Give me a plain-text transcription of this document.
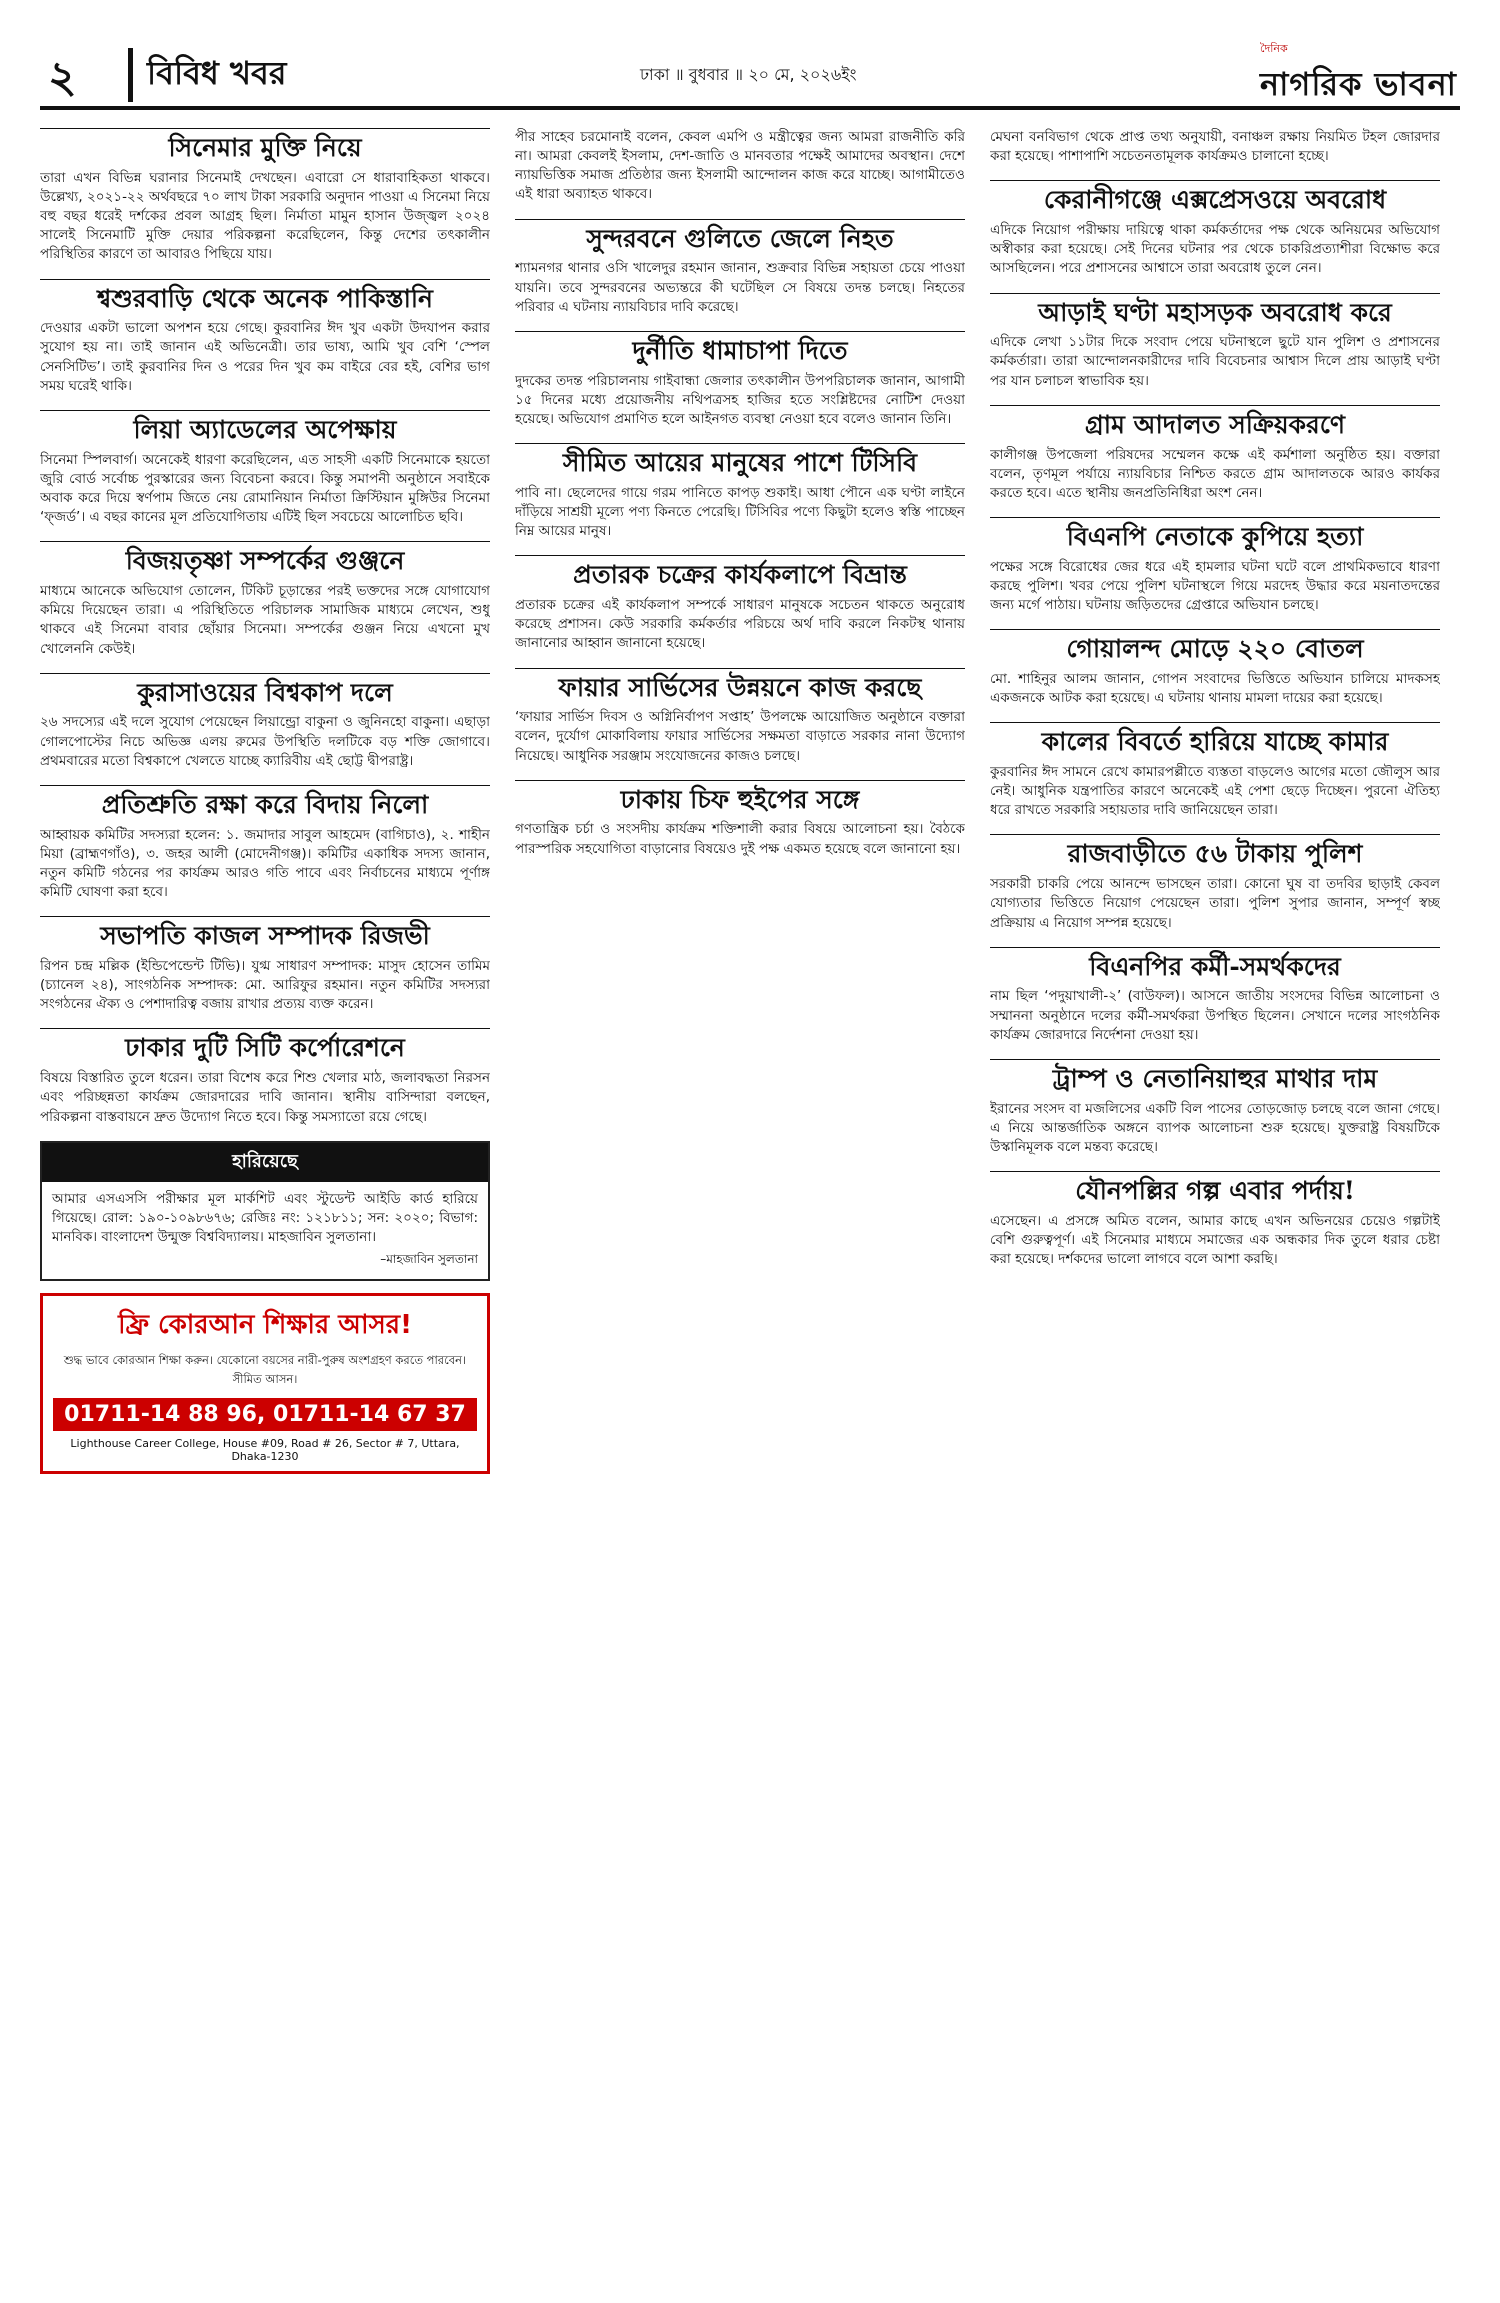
২	বিবিধ খবর	ঢাকা ॥ বুধবার ॥ ২০ মে, ২০২৬ইং
দৈনিক
নাগরিক ভাবনা
সিনেমার মুক্তি নিয়ে

তারা এখন বিভিন্ন ঘরানার সিনেমাই দেখছেন। এবারো সে ধারাবাহিকতা থাকবে। উল্লেখ্য, ২০২১-২২ অর্থবছরে ৭০ লাখ টাকা সরকারি অনুদান পাওয়া এ সিনেমা নিয়ে বহু বছর ধরেই দর্শকের প্রবল আগ্রহ ছিল। নির্মাতা মামুন হাসান উজ্জ্বল ২০২৪ সালেই সিনেমাটি মুক্তি দেয়ার পরিকল্পনা করেছিলেন, কিন্তু দেশের তৎকালীন পরিস্থিতির কারণে তা আবারও পিছিয়ে যায়।

শ্বশুরবাড়ি থেকে অনেক পাকিস্তানি

দেওয়ার একটা ভালো অপশন হয়ে গেছে। কুরবানির ঈদ খুব একটা উদযাপন করার সুযোগ হয় না। তাই জানান এই অভিনেত্রী। তার ভাষ্য, আমি খুব বেশি ‘স্পেল সেনসিটিভ’। তাই কুরবানির দিন ও পরের দিন খুব কম বাইরে বের হই, বেশির ভাগ সময় ঘরেই থাকি।

লিয়া অ্যাডেলের অপেক্ষায়

সিনেমা স্পিলবার্গ। অনেকেই ধারণা করেছিলেন, এত সাহসী একটি সিনেমাকে হয়তো জুরি বোর্ড সর্বোচ্চ পুরস্কারের জন্য বিবেচনা করবে। কিন্তু সমাপনী অনুষ্ঠানে সবাইকে অবাক করে দিয়ে স্বর্ণপাম জিতে নেয় রোমানিয়ান নির্মাতা ক্রিস্টিয়ান মুঙ্গিউর সিনেমা ‘ফ্জর্ড’। এ বছর কানের মূল প্রতিযোগিতায় এটিই ছিল সবচেয়ে আলোচিত ছবি।

বিজয়তৃষ্ণা সম্পর্কের গুঞ্জনে

মাধ্যমে আনেকে অভিযোগ তোলেন, টিকিট চূড়ান্তের পরই ভক্তদের সঙ্গে যোগাযোগ কমিয়ে দিয়েছেন তারা। এ পরিস্থিতিতে পরিচালক সামাজিক মাধ্যমে লেখেন, শুধু থাকবে এই সিনেমা বাবার ছোঁয়ার সিনেমা। সম্পর্কের গুঞ্জন নিয়ে এখনো মুখ খোলেননি কেউই।

কুরাসাওয়ের বিশ্বকাপ দলে

২৬ সদস্যের এই দলে সুযোগ পেয়েছেন লিয়ান্ড্রো বাকুনা ও জুনিনহো বাকুনা। এছাড়া গোলপোস্টের নিচে অভিজ্ঞ এলয় রুমের উপস্থিতি দলটিকে বড় শক্তি জোগাবে। প্রথমবারের মতো বিশ্বকাপে খেলতে যাচ্ছে ক্যারিবীয় এই ছোট্ট দ্বীপরাষ্ট্র।

প্রতিশ্রুতি রক্ষা করে বিদায় নিলো

আহ্বায়ক কমিটির সদস্যরা হলেন: ১. জমাদার সাবুল আহমেদ (বাগিচাও), ২. শাহীন মিয়া (ব্রাহ্মণগাঁও), ৩. জহর আলী (মোদেনীগঞ্জ)। কমিটির একাধিক সদস্য জানান, নতুন কমিটি গঠনের পর কার্যক্রম আরও গতি পাবে এবং নির্বাচনের মাধ্যমে পূর্ণাঙ্গ কমিটি ঘোষণা করা হবে।

সভাপতি কাজল সম্পাদক রিজভী

রিপন চন্দ্র মল্লিক (ইন্ডিপেন্ডেন্ট টিভি)। যুগ্ম সাধারণ সম্পাদক: মাসুদ হোসেন তামিম (চ্যানেল ২৪), সাংগঠনিক সম্পাদক: মো. আরিফুর রহমান। নতুন কমিটির সদস্যরা সংগঠনের ঐক্য ও পেশাদারিত্ব বজায় রাখার প্রত্যয় ব্যক্ত করেন।

ঢাকার দুটি সিটি কর্পোরেশনে

বিষয়ে বিস্তারিত তুলে ধরেন। তারা বিশেষ করে শিশু খেলার মাঠ, জলাবদ্ধতা নিরসন এবং পরিচ্ছন্নতা কার্যক্রম জোরদারের দাবি জানান। স্থানীয় বাসিন্দারা বলছেন, পরিকল্পনা বাস্তবায়নে দ্রুত উদ্যোগ নিতে হবে। কিন্তু সমস্যাতো রয়ে গেছে।

হারিয়েছে
আমার এসএসসি পরীক্ষার মূল মার্কশিট এবং স্টুডেন্ট আইডি কার্ড হারিয়ে গিয়েছে। রোল: ১৯০-১০৯৮৬৭৬; রেজিঃ নং: ১২১৮১১; সন: ২০২০; বিভাগ: মানবিক। বাংলাদেশ উন্মুক্ত বিশ্ববিদ্যালয়। মাহজাবিন সুলতানা।
–মাহজাবিন সুলতানা
ফ্রি কোরআন শিক্ষার আসর!
শুদ্ধ ভাবে কোরআন শিক্ষা করুন। যেকোনো বয়সের নারী-পুরুষ অংশগ্রহণ করতে পারবেন। সীমিত আসন।
01711-14 88 96, 01711-14 67 37
Lighthouse Career College, House #09, Road # 26, Sector # 7, Uttara, Dhaka-1230

পীর সাহেব চরমোনাই বলেন, কেবল এমপি ও মন্ত্রীত্বের জন্য আমরা রাজনীতি করি না। আমরা কেবলই ইসলাম, দেশ-জাতি ও মানবতার পক্ষেই আমাদের অবস্থান। দেশে ন্যায়ভিত্তিক সমাজ প্রতিষ্ঠার জন্য ইসলামী আন্দোলন কাজ করে যাচ্ছে। আগামীতেও এই ধারা অব্যাহত থাকবে।

সুন্দরবনে গুলিতে জেলে নিহত

শ্যামনগর থানার ওসি খালেদুর রহমান জানান, শুক্রবার বিভিন্ন সহায়তা চেয়ে পাওয়া যায়নি। তবে সুন্দরবনের অভ্যন্তরে কী ঘটেছিল সে বিষয়ে তদন্ত চলছে। নিহতের পরিবার এ ঘটনায় ন্যায়বিচার দাবি করেছে।

দুর্নীতি ধামাচাপা দিতে

দুদকের তদন্ত পরিচালনায় গাইবান্ধা জেলার তৎকালীন উপপরিচালক জানান, আগামী ১৫ দিনের মধ্যে প্রয়োজনীয় নথিপত্রসহ হাজির হতে সংশ্লিষ্টদের নোটিশ দেওয়া হয়েছে। অভিযোগ প্রমাণিত হলে আইনগত ব্যবস্থা নেওয়া হবে বলেও জানান তিনি।

সীমিত আয়ের মানুষের পাশে টিসিবি

পাবি না। ছেলেদের গায়ে গরম পানিতে কাপড় শুকাই। আধা পৌনে এক ঘণ্টা লাইনে দাঁড়িয়ে সাশ্রয়ী মূল্যে পণ্য কিনতে পেরেছি। টিসিবির পণ্যে কিছুটা হলেও স্বস্তি পাচ্ছেন নিম্ন আয়ের মানুষ।

প্রতারক চক্রের কার্যকলাপে বিভ্রান্ত

প্রতারক চক্রের এই কার্যকলাপ সম্পর্কে সাধারণ মানুষকে সচেতন থাকতে অনুরোধ করেছে প্রশাসন। কেউ সরকারি কর্মকর্তার পরিচয়ে অর্থ দাবি করলে নিকটস্থ থানায় জানানোর আহ্বান জানানো হয়েছে।

ফায়ার সার্ভিসের উন্নয়নে কাজ করছে

‘ফায়ার সার্ভিস দিবস ও অগ্নিনির্বাপণ সপ্তাহ’ উপলক্ষে আয়োজিত অনুষ্ঠানে বক্তারা বলেন, দুর্যোগ মোকাবিলায় ফায়ার সার্ভিসের সক্ষমতা বাড়াতে সরকার নানা উদ্যোগ নিয়েছে। আধুনিক সরঞ্জাম সংযোজনের কাজও চলছে।

ঢাকায় চিফ হুইপের সঙ্গে

গণতান্ত্রিক চর্চা ও সংসদীয় কার্যক্রম শক্তিশালী করার বিষয়ে আলোচনা হয়। বৈঠকে পারস্পরিক সহযোগিতা বাড়ানোর বিষয়েও দুই পক্ষ একমত হয়েছে বলে জানানো হয়।

মেঘনা বনবিভাগ থেকে প্রাপ্ত তথ্য অনুযায়ী, বনাঞ্চল রক্ষায় নিয়মিত টহল জোরদার করা হয়েছে। পাশাপাশি সচেতনতামূলক কার্যক্রমও চালানো হচ্ছে।

কেরানীগঞ্জে এক্সপ্রেসওয়ে অবরোধ

এদিকে নিয়োগ পরীক্ষায় দায়িত্বে থাকা কর্মকর্তাদের পক্ষ থেকে অনিয়মের অভিযোগ অস্বীকার করা হয়েছে। সেই দিনের ঘটনার পর থেকে চাকরিপ্রত্যাশীরা বিক্ষোভ করে আসছিলেন। পরে প্রশাসনের আশ্বাসে তারা অবরোধ তুলে নেন।

আড়াই ঘণ্টা মহাসড়ক অবরোধ করে

এদিকে লেখা ১১টার দিকে সংবাদ পেয়ে ঘটনাস্থলে ছুটে যান পুলিশ ও প্রশাসনের কর্মকর্তারা। তারা আন্দোলনকারীদের দাবি বিবেচনার আশ্বাস দিলে প্রায় আড়াই ঘণ্টা পর যান চলাচল স্বাভাবিক হয়।

গ্রাম আদালত সক্রিয়করণে

কালীগঞ্জ উপজেলা পরিষদের সম্মেলন কক্ষে এই কর্মশালা অনুষ্ঠিত হয়। বক্তারা বলেন, তৃণমূল পর্যায়ে ন্যায়বিচার নিশ্চিত করতে গ্রাম আদালতকে আরও কার্যকর করতে হবে। এতে স্থানীয় জনপ্রতিনিধিরা অংশ নেন।

বিএনপি নেতাকে কুপিয়ে হত্যা

পক্ষের সঙ্গে বিরোধের জের ধরে এই হামলার ঘটনা ঘটে বলে প্রাথমিকভাবে ধারণা করছে পুলিশ। খবর পেয়ে পুলিশ ঘটনাস্থলে গিয়ে মরদেহ উদ্ধার করে ময়নাতদন্তের জন্য মর্গে পাঠায়। ঘটনায় জড়িতদের গ্রেপ্তারে অভিযান চলছে।

গোয়ালন্দ মোড়ে ২২০ বোতল

মো. শাহিনুর আলম জানান, গোপন সংবাদের ভিত্তিতে অভিযান চালিয়ে মাদকসহ একজনকে আটক করা হয়েছে। এ ঘটনায় থানায় মামলা দায়ের করা হয়েছে।

কালের বিবর্তে হারিয়ে যাচ্ছে কামার

কুরবানির ঈদ সামনে রেখে কামারপল্লীতে ব্যস্ততা বাড়লেও আগের মতো জৌলুস আর নেই। আধুনিক যন্ত্রপাতির কারণে অনেকেই এই পেশা ছেড়ে দিচ্ছেন। পুরনো ঐতিহ্য ধরে রাখতে সরকারি সহায়তার দাবি জানিয়েছেন তারা।

রাজবাড়ীতে ৫৬ টাকায় পুলিশ

সরকারী চাকরি পেয়ে আনন্দে ভাসছেন তারা। কোনো ঘুষ বা তদবির ছাড়াই কেবল যোগ্যতার ভিত্তিতে নিয়োগ পেয়েছেন তারা। পুলিশ সুপার জানান, সম্পূর্ণ স্বচ্ছ প্রক্রিয়ায় এ নিয়োগ সম্পন্ন হয়েছে।

বিএনপির কর্মী-সমর্থকদের

নাম ছিল ‘পদুয়াখালী-২’ (বাউফল)। আসনে জাতীয় সংসদের বিভিন্ন আলোচনা ও সম্মাননা অনুষ্ঠানে দলের কর্মী-সমর্থকরা উপস্থিত ছিলেন। সেখানে দলের সাংগঠনিক কার্যক্রম জোরদারে নির্দেশনা দেওয়া হয়।

ট্রাম্প ও নেতানিয়াহুর মাথার দাম

ইরানের সংসদ বা মজলিসের একটি বিল পাসের তোড়জোড় চলছে বলে জানা গেছে। এ নিয়ে আন্তর্জাতিক অঙ্গনে ব্যাপক আলোচনা শুরু হয়েছে। যুক্তরাষ্ট্র বিষয়টিকে উস্কানিমূলক বলে মন্তব্য করেছে।

যৌনপল্লির গল্প এবার পর্দায়!

এসেছেন। এ প্রসঙ্গে অমিত বলেন, আমার কাছে এখন অভিনয়ের চেয়েও গল্পটাই বেশি গুরুত্বপূর্ণ। এই সিনেমার মাধ্যমে সমাজের এক অন্ধকার দিক তুলে ধরার চেষ্টা করা হয়েছে। দর্শকদের ভালো লাগবে বলে আশা করছি।
